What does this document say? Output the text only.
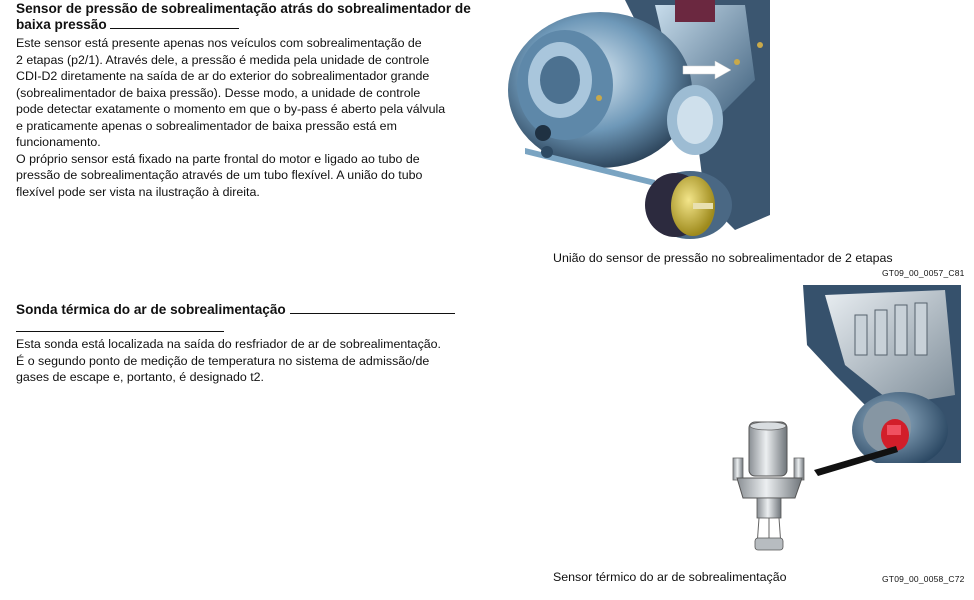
Sensor de pressão de sobrealimentação atrás do sobrealimentador de
baixa pressão
Este sensor está presente apenas nos veículos com sobrealimentação de
2 etapas (p2/1). Através dele, a pressão é medida pela unidade de controle
CDI-D2 diretamente na saída de ar do exterior do sobrealimentador grande
(sobrealimentador de baixa pressão). Desse modo, a unidade de controle
pode detectar exatamente o momento em que o by-pass é aberto pela válvula
e praticamente apenas o sobrealimentador de baixa pressão está em
funcionamento.
O próprio sensor está fixado na parte frontal do motor e ligado ao tubo de
pressão de sobrealimentação através de um tubo flexível. A união do tubo
flexível pode ser vista na ilustração à direita.
União do sensor de pressão no sobrealimentador de 2 etapas
GT09_00_0057_C81
Sonda térmica do ar de sobrealimentação
Esta sonda está localizada na saída do resfriador de ar de sobrealimentação.
É o segundo ponto de medição de temperatura no sistema de admissão/de
gases de escape e, portanto, é designado t2.
Sensor térmico do ar de sobrealimentação	GT09_00_0058_C72
